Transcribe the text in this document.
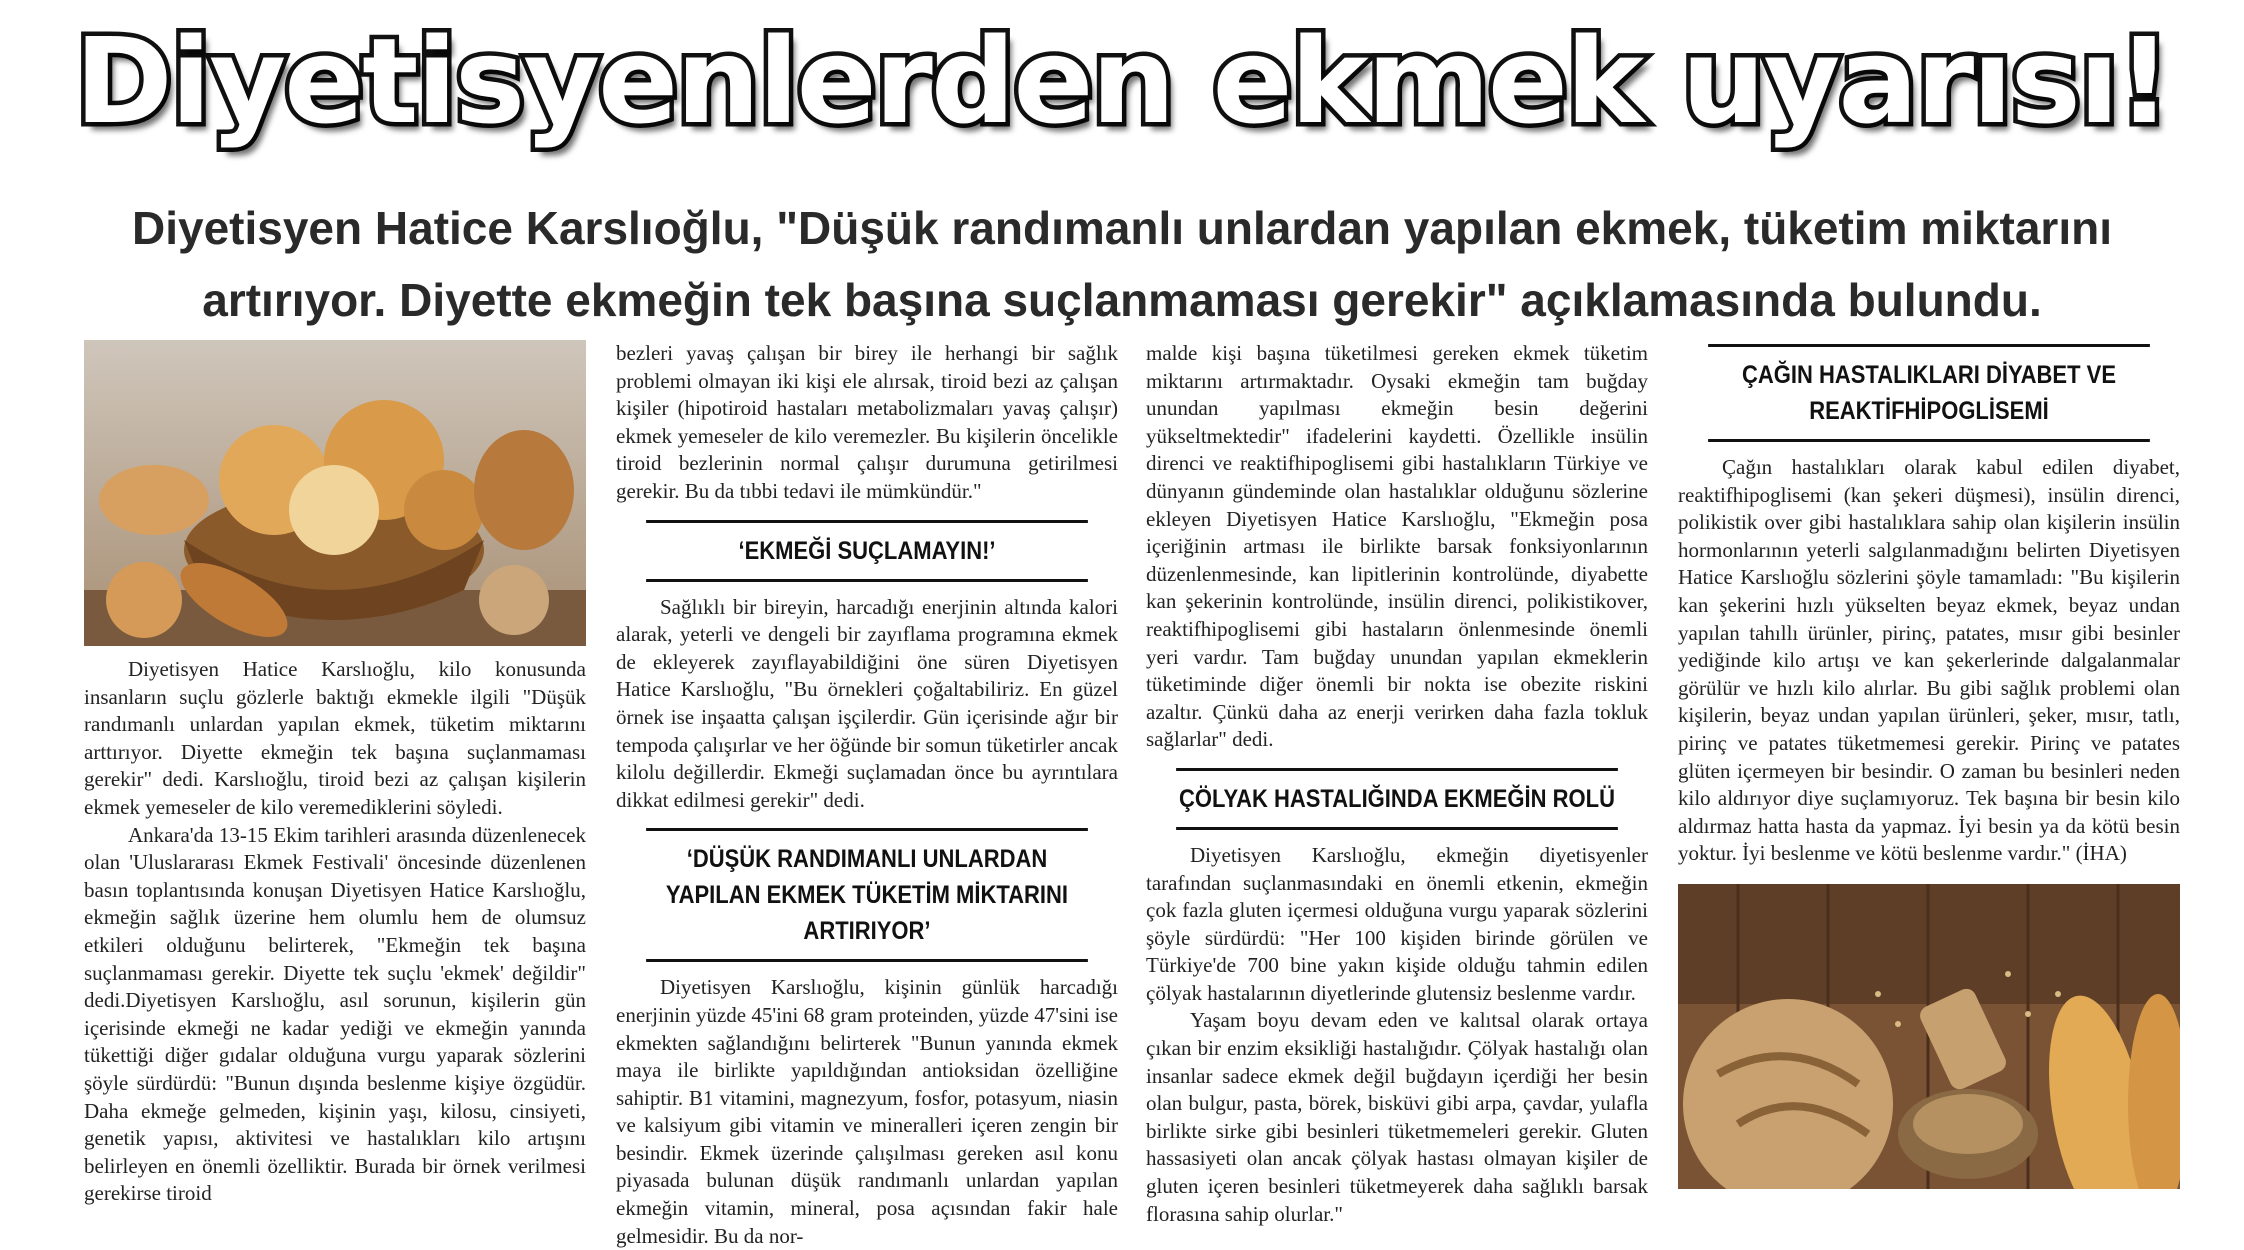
Diyetisyenlerden ekmek uyarısı!
Diyetisyen Hatice Karslıoğlu, "Düşük randımanlı unlardan yapılan ekmek, tüketim miktarını artırıyor. Diyette ekmeğin tek başına suçlanmaması gerekir" açıklamasında bulundu.

Diyetisyen Hatice Karslıoğlu, kilo konusunda insanların suçlu gözlerle baktığı ekmekle ilgili "Düşük randımanlı unlardan yapılan ekmek, tüketim miktarını arttırıyor. Diyette ekmeğin tek başına suçlanmaması gerekir" dedi. Karslıoğlu, tiroid bezi az çalışan kişilerin ekmek yemeseler de kilo veremediklerini söyledi.

Ankara'da 13-15 Ekim tarihleri arasında düzenlenecek olan 'Uluslararası Ekmek Festivali' öncesinde düzenlenen basın toplantısında konuşan Diyetisyen Hatice Karslıoğlu, ekmeğin sağlık üzerine hem olumlu hem de olumsuz etkileri olduğunu belirterek, "Ekmeğin tek başına suçlanmaması gerekir. Diyette tek suçlu 'ekmek' değildir" dedi.Diyetisyen Karslıoğlu, asıl sorunun, kişilerin gün içerisinde ekmeği ne kadar yediği ve ekmeğin yanında tükettiği diğer gıdalar olduğuna vurgu yaparak sözlerini şöyle sürdürdü: "Bunun dışında beslenme kişiye özgüdür. Daha ekmeğe gelmeden, kişinin yaşı, kilosu, cinsiyeti, genetik yapısı, aktivitesi ve hastalıkları kilo artışını belirleyen en önemli özelliktir. Burada bir örnek verilmesi gerekirse tiroid

bezleri yavaş çalışan bir birey ile herhangi bir sağlık problemi olmayan iki kişi ele alırsak, tiroid bezi az çalışan kişiler (hipotiroid hastaları metabolizmaları yavaş çalışır) ekmek yemeseler de kilo veremezler. Bu kişilerin öncelikle tiroid bezlerinin normal çalışır durumuna getirilmesi gerekir. Bu da tıbbi tedavi ile mümkündür."

‘EKMEĞİ SUÇLAMAYIN!’

Sağlıklı bir bireyin, harcadığı enerjinin altında kalori alarak, yeterli ve dengeli bir zayıflama programına ekmek de ekleyerek zayıflayabildiğini öne süren Diyetisyen Hatice Karslıoğlu, "Bu örnekleri çoğaltabiliriz. En güzel örnek ise inşaatta çalışan işçilerdir. Gün içerisinde ağır bir tempoda çalışırlar ve her öğünde bir somun tüketirler ancak kilolu değillerdir. Ekmeği suçlamadan önce bu ayrıntılara dikkat edilmesi gerekir" dedi.

‘DÜŞÜK RANDIMANLI UNLARDAN YAPILAN EKMEK TÜKETİM MİKTARINI ARTIRIYOR’

Diyetisyen Karslıoğlu, kişinin günlük harcadığı enerjinin yüzde 45'ini 68 gram proteinden, yüzde 47'sini ise ekmekten sağlandığını belirterek "Bunun yanında ekmek maya ile birlikte yapıldığından antioksidan özelliğine sahiptir. B1 vitamini, magnezyum, fosfor, potasyum, niasin ve kalsiyum gibi vitamin ve mineralleri içeren zengin bir besindir. Ekmek üzerinde çalışılması gereken asıl konu piyasada bulunan düşük randımanlı unlardan yapılan ekmeğin vitamin, mineral, posa açısından fakir hale gelmesidir. Bu da nor-

malde kişi başına tüketilmesi gereken ekmek tüketim miktarını artırmaktadır. Oysaki ekmeğin tam buğday unundan yapılması ekmeğin besin değerini yükseltmektedir" ifadelerini kaydetti. Özellikle insülin direnci ve reaktifhipoglisemi gibi hastalıkların Türkiye ve dünyanın gündeminde olan hastalıklar olduğunu sözlerine ekleyen Diyetisyen Hatice Karslıoğlu, "Ekmeğin posa içeriğinin artması ile birlikte barsak fonksiyonlarının düzenlenmesinde, kan lipitlerinin kontrolünde, diyabette kan şekerinin kontrolünde, insülin direnci, polikistikover, reaktifhipoglisemi gibi hastaların önlenmesinde önemli yeri vardır. Tam buğday unundan yapılan ekmeklerin tüketiminde diğer önemli bir nokta ise obezite riskini azaltır. Çünkü daha az enerji verirken daha fazla tokluk sağlarlar" dedi.

ÇÖLYAK HASTALIĞINDA EKMEĞİN ROLÜ

Diyetisyen Karslıoğlu, ekmeğin diyetisyenler tarafından suçlanmasındaki en önemli etkenin, ekmeğin çok fazla gluten içermesi olduğuna vurgu yaparak sözlerini şöyle sürdürdü: "Her 100 kişiden birinde görülen ve Türkiye'de 700 bine yakın kişide olduğu tahmin edilen çölyak hastalarının diyetlerinde glutensiz beslenme vardır.

Yaşam boyu devam eden ve kalıtsal olarak ortaya çıkan bir enzim eksikliği hastalığıdır. Çölyak hastalığı olan insanlar sadece ekmek değil buğdayın içerdiği her besin olan bulgur, pasta, börek, bisküvi gibi arpa, çavdar, yulafla birlikte sirke gibi besinleri tüketmemeleri gerekir. Gluten hassasiyeti olan ancak çölyak hastası olmayan kişiler de gluten içeren besinleri tüketmeyerek daha sağlıklı barsak florasına sahip olurlar."

ÇAĞIN HASTALIKLARI DİYABET VE REAKTİFHİPOGLİSEMİ

Çağın hastalıkları olarak kabul edilen diyabet, reaktifhipoglisemi (kan şekeri düşmesi), insülin direnci, polikistik over gibi hastalıklara sahip olan kişilerin insülin hormonlarının yeterli salgılanmadığını belirten Diyetisyen Hatice Karslıoğlu sözlerini şöyle tamamladı: "Bu kişilerin kan şekerini hızlı yükselten beyaz ekmek, beyaz undan yapılan tahıllı ürünler, pirinç, patates, mısır gibi besinler yediğinde kilo artışı ve kan şekerlerinde dalgalanmalar görülür ve hızlı kilo alırlar. Bu gibi sağlık problemi olan kişilerin, beyaz undan yapılan ürünleri, şeker, mısır, tatlı, pirinç ve patates tüketmemesi gerekir. Pirinç ve patates glüten içermeyen bir besindir. O zaman bu besinleri neden kilo aldırıyor diye suçlamıyoruz. Tek başına bir besin kilo aldırmaz hatta hasta da yapmaz. İyi besin ya da kötü besin yoktur. İyi beslenme ve kötü beslenme vardır." (İHA)
